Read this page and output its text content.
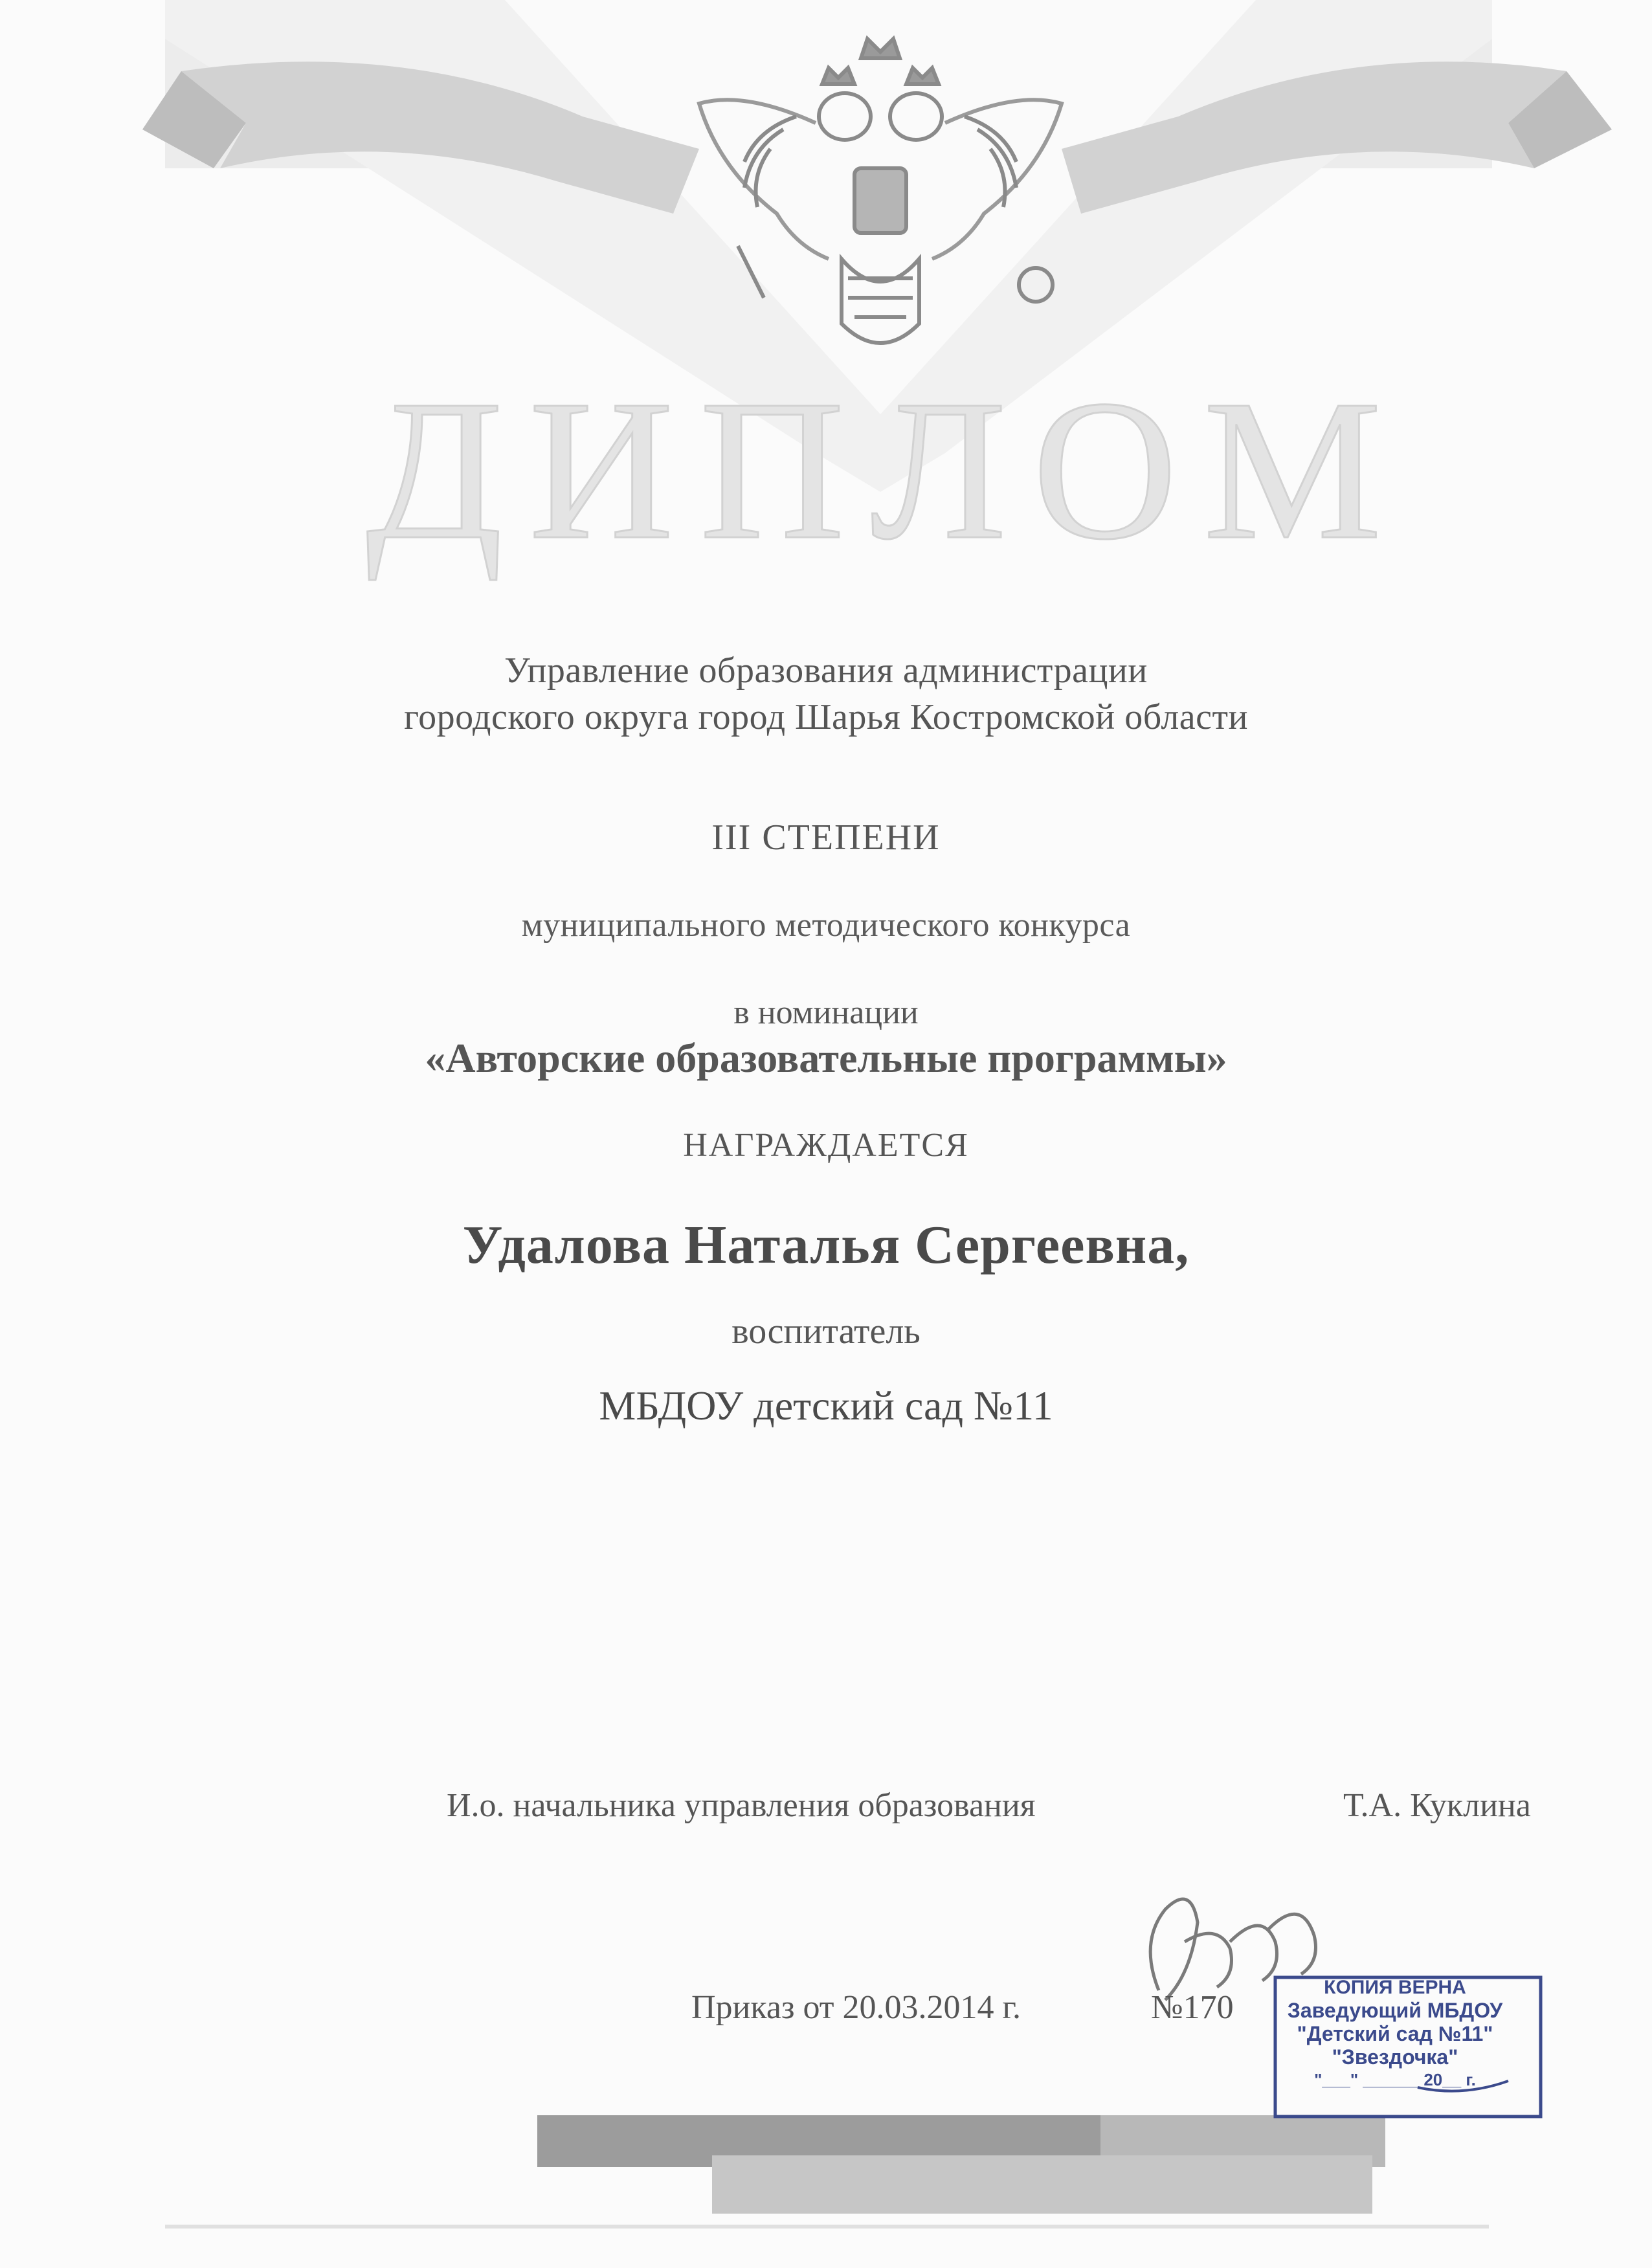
ДИПЛОМ
Управление образования администрации
городского округа город Шарья Костромской области
III СТЕПЕНИ
муниципального методического конкурса
в номинации
«Авторские образовательные программы»
НАГРАЖДАЕТСЯ
Удалова Наталья Сергеевна,
воспитатель
МБДОУ детский сад №11
И.о. начальника управления образования	Т.А. Куклина
Приказ от 20.03.2014 г.	№170
КОПИЯ ВЕРНА
Заведующий МБДОУ
"Детский сад №11"
"Звездочка"
"___" ______ 20__ г.
